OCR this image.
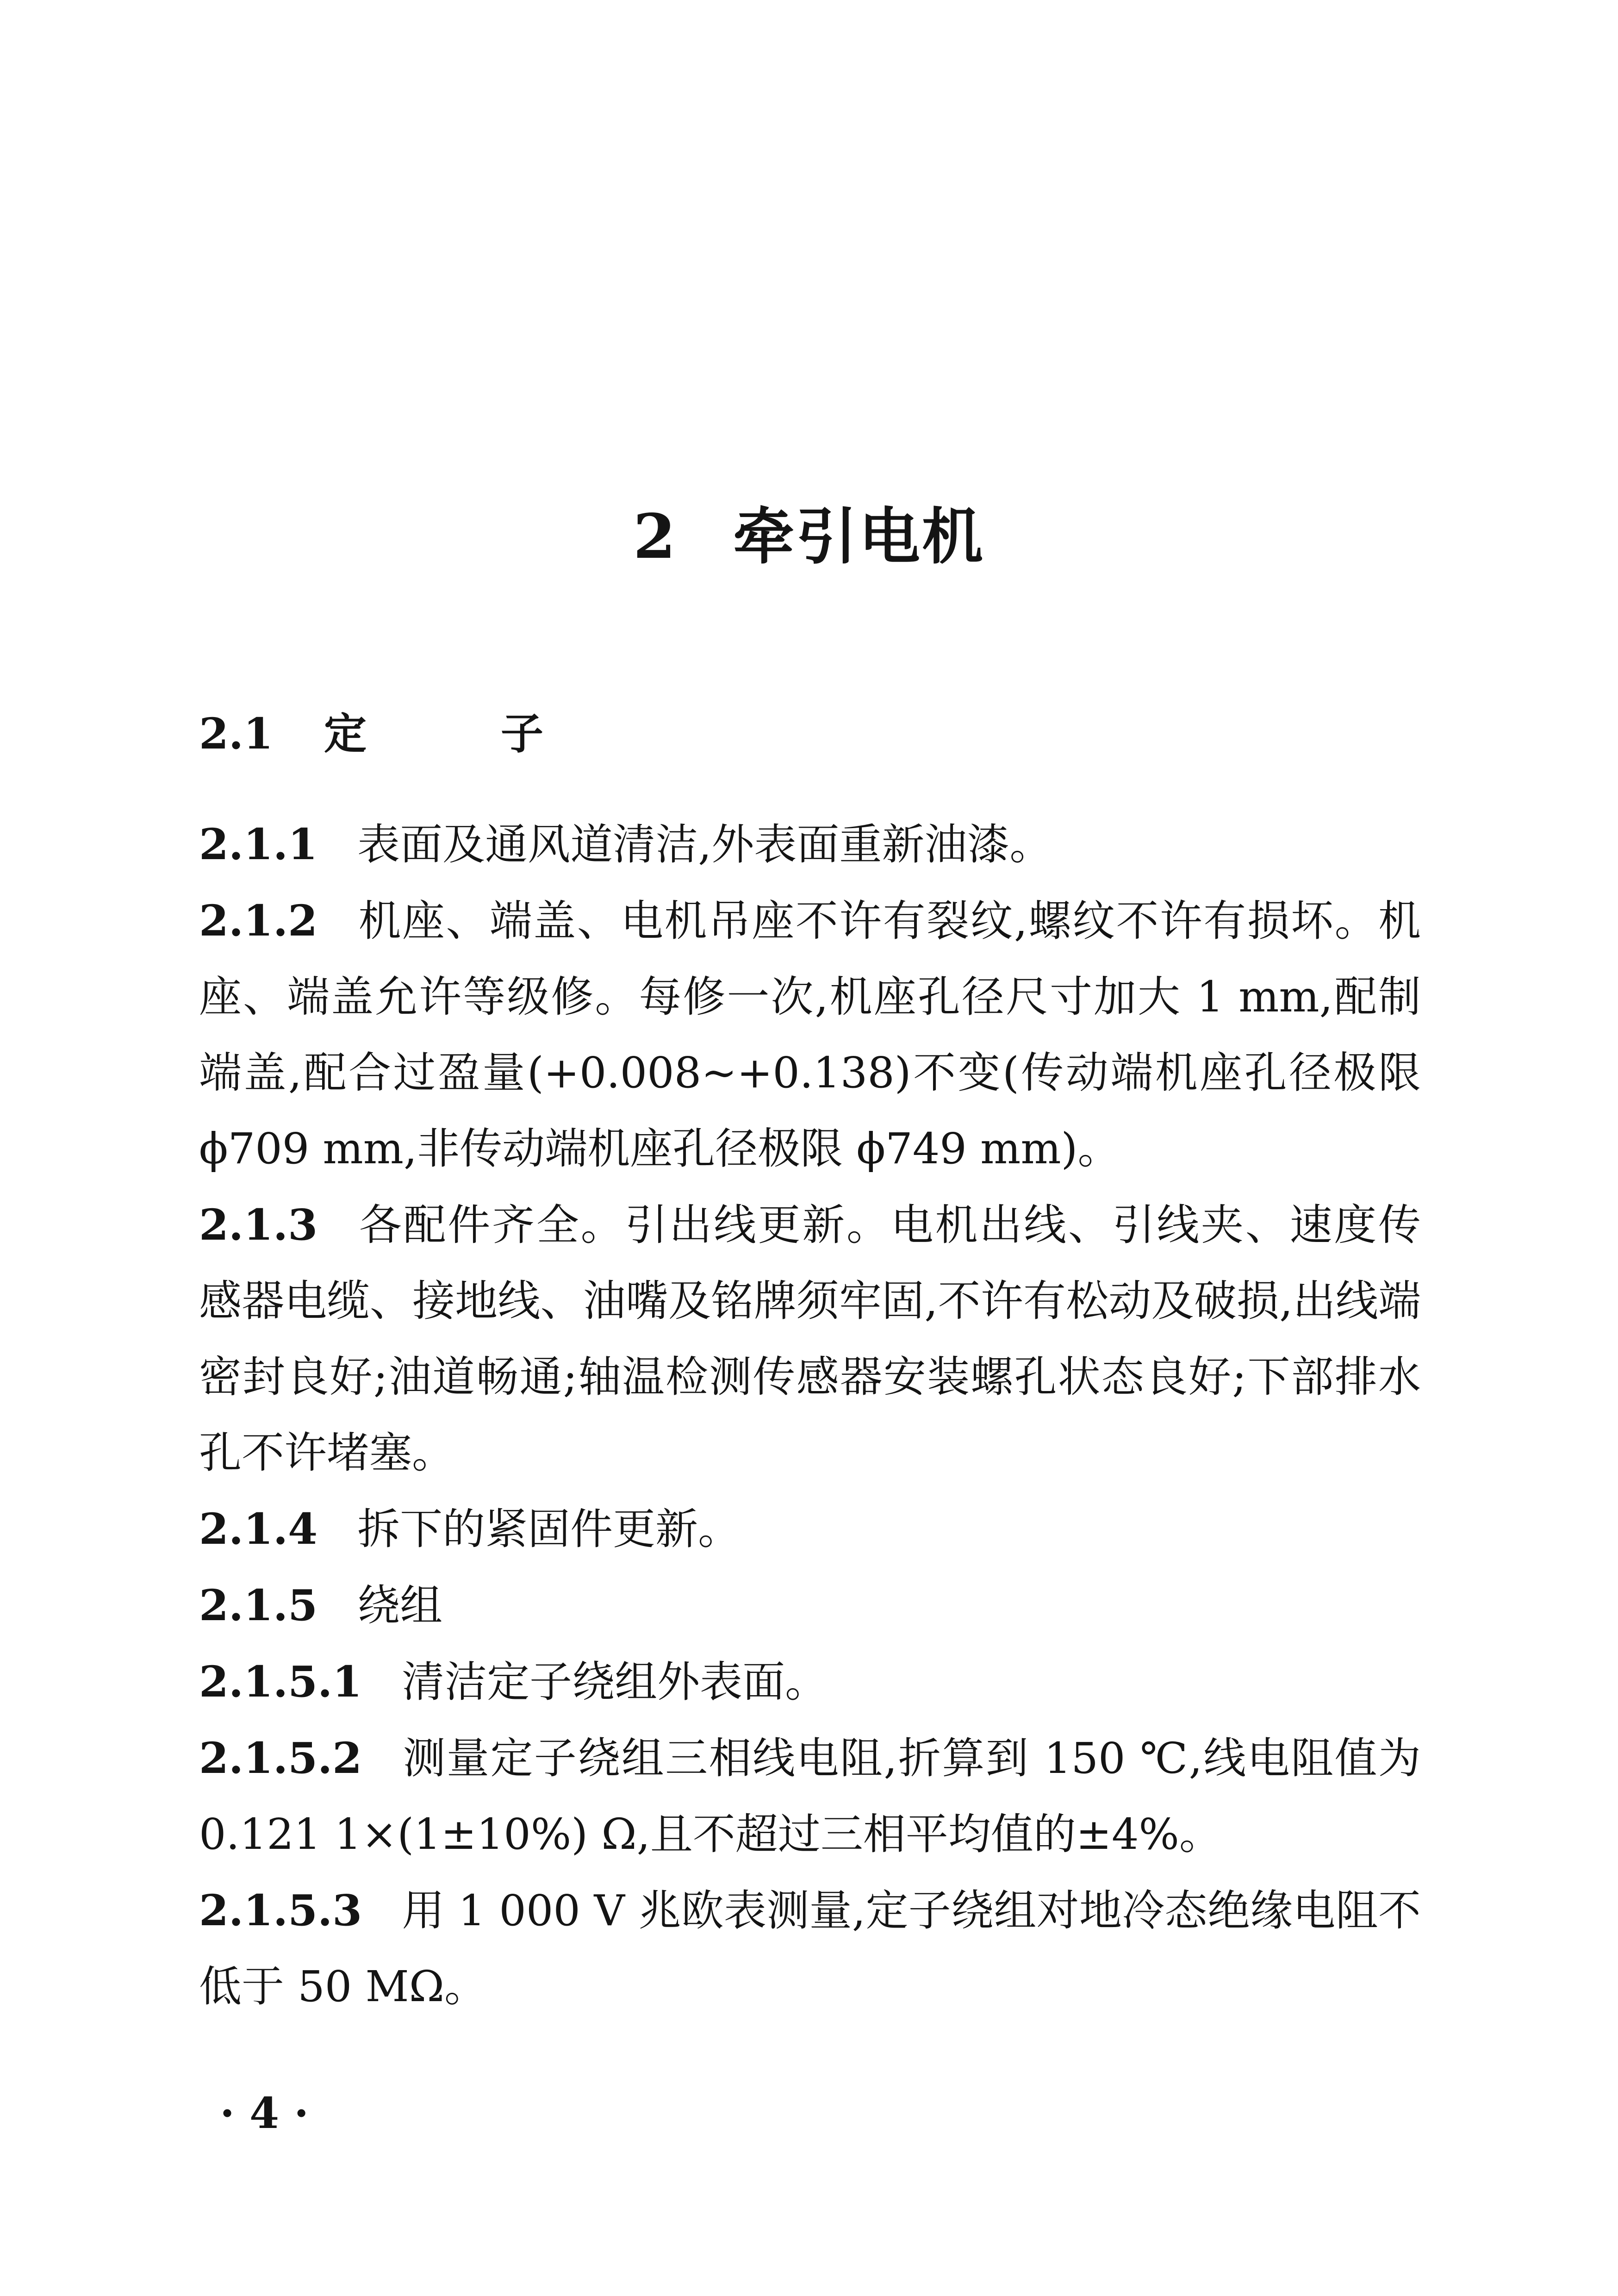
2 牵引电机
2.1 定子

2.1.1 表面及通风道清洁,外表面重新油漆。

2.1.2 机座、端盖、电机吊座不许有裂纹,螺纹不许有损坏。机座、端盖允许等级修。每修一次,机座孔径尺寸加大 1 mm,配制端盖,配合过盈量(+0.008~+0.138)不变(传动端机座孔径极限 ϕ709 mm,非传动端机座孔径极限 ϕ749 mm)。

2.1.3 各配件齐全。引出线更新。电机出线、引线夹、速度传感器电缆、接地线、油嘴及铭牌须牢固,不许有松动及破损,出线端密封良好;油道畅通;轴温检测传感器安装螺孔状态良好;下部排水孔不许堵塞。

2.1.4 拆下的紧固件更新。

2.1.5 绕组

2.1.5.1 清洁定子绕组外表面。

2.1.5.2 测量定子绕组三相线电阻,折算到 150 ℃,线电阻值为 0.121 1×(1±10%) Ω,且不超过三相平均值的±4%。

2.1.5.3 用 1 000 V 兆欧表测量,定子绕组对地冷态绝缘电阻不低于 50 MΩ。

· 4 ·
